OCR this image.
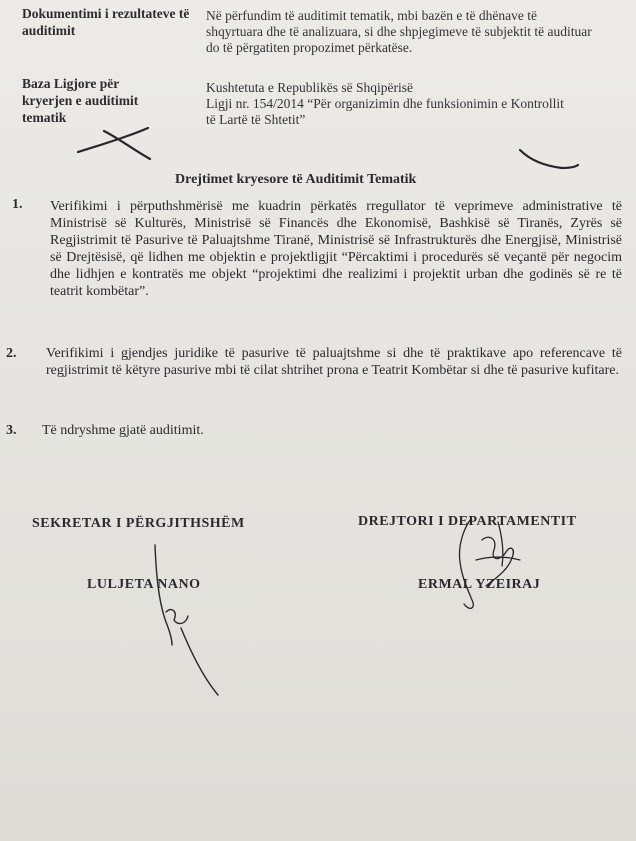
Dokumentimi i rezultateve të auditimit
Në përfundim të auditimit tematik, mbi bazën e të dhënave të shqyrtuara dhe të analizuara, si dhe shpjegimeve të subjektit të audituar do të përgatiten propozimet përkatëse.
Baza Ligjore për kryerjen e auditimit tematik
Kushtetuta e Republikës së Shqipërisë
Ligji nr. 154/2014 “Për organizimin dhe funksionimin e Kontrollit të Lartë të Shtetit”
Drejtimet kryesore të Auditimit Tematik
1. Verifikimi i përputhshmërisë me kuadrin përkatës rregullator të veprimeve administrative të Ministrisë së Kulturës, Ministrisë së Financës dhe Ekonomisë, Bashkisë së Tiranës, Zyrës së Regjistrimit të Pasurive të Paluajtshme Tiranë, Ministrisë së Infrastrukturës dhe Energjisë, Ministrisë së Drejtësisë, që lidhen me objektin e projektligjit “Përcaktimi i procedurës së veçantë për negocim dhe lidhjen e kontratës me objekt “projektimi dhe realizimi i projektit urban dhe godinës së re të teatrit kombëtar”.
2. Verifikimi i gjendjes juridike të pasurive të paluajtshme si dhe të praktikave apo referencave të regjistrimit të këtyre pasurive mbi të cilat shtrihet prona e Teatrit Kombëtar si dhe të pasurive kufitare.
3. Të ndryshme gjatë auditimit.
SEKRETAR I PËRGJITHSHËM
LULJETA NANO
DREJTORI I DEPARTAMENTIT
ERMAL YZEIRAJ
